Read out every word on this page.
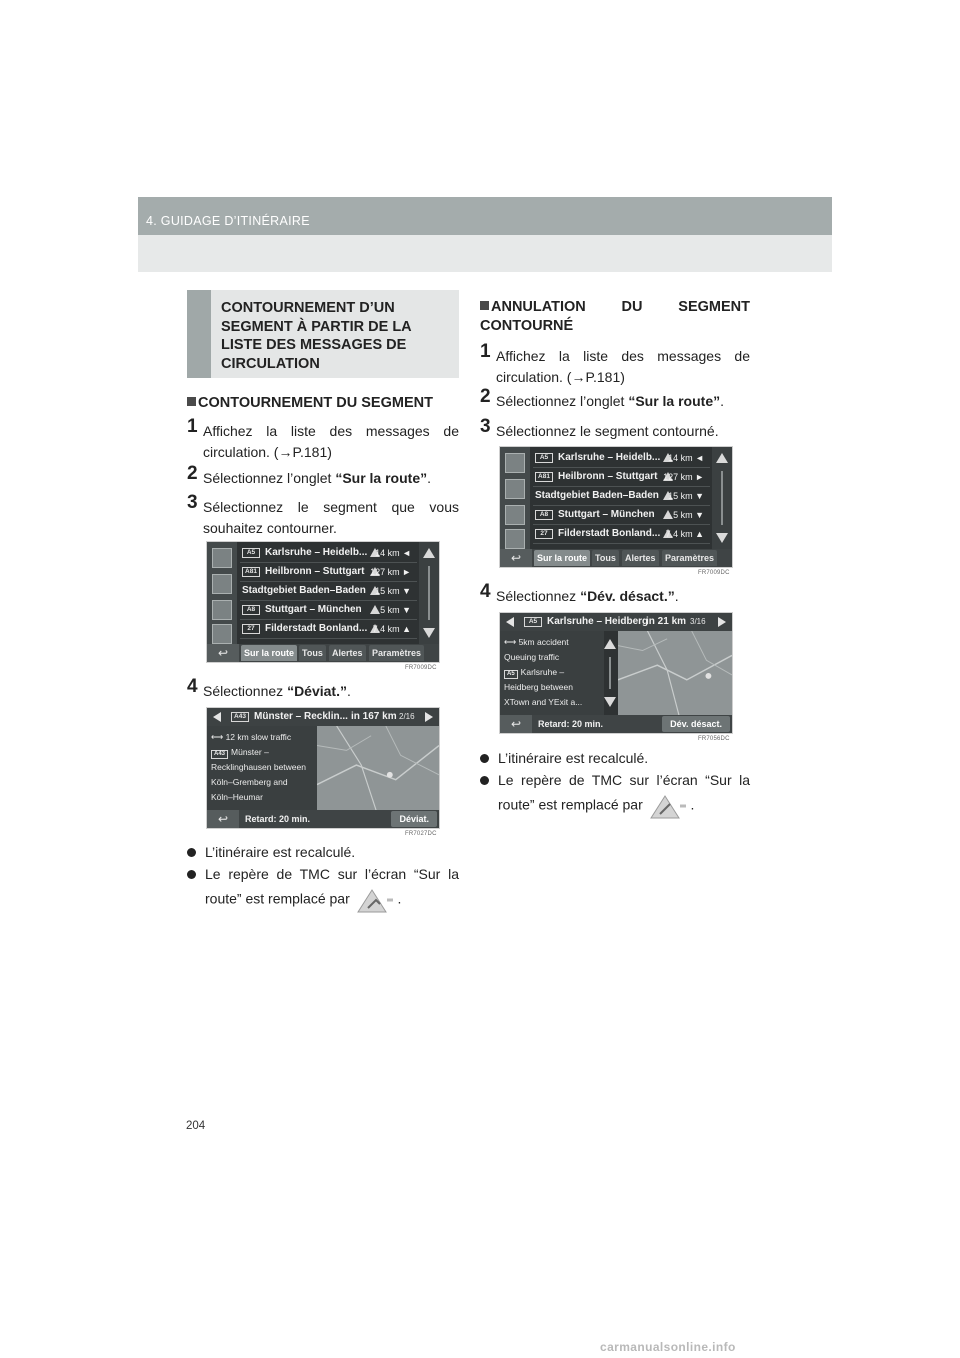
4. GUIDAGE D’ITINÉRAIRE
CONTOURNEMENT D’UN SEGMENT À PARTIR DE LA LISTE DES MESSAGES DE CIRCULATION
CONTOURNEMENT DU SEGMENT
1 Affichez la liste des messages de circulation. (→P.181)
2 Sélectionnez l’onglet “Sur la route”.
3 Sélectionnez le segment que vous souhaitez contourner.
A5 Karlsruhe – Heidelb... 14 km ◄
A81 Heilbronn – Stuttgart 127 km ►
Stadtgebiet Baden–Baden 15 km ▼
A8 Stuttgart – München 5 km ▼
27	Filderstadt Bonland... 7.4 km ▲
↩	Sur la route Tous	Alertes	Paramètres
FR7009DC
4 Sélectionnez “Déviat.”.
A43 Münster – Recklin... in 167 km 2/16
⟷ 12 km slow traffic
A43 Münster –
Recklinghausen between
Köln–Gremberg and
Köln–Heumar
↩	Retard: 20 min.	Déviat.
FR7027DC
L’itinéraire est recalculé.
Le repère de TMC sur l’écran “Sur la route” est remplacé par	.
ANNULATION DU SEGMENT CONTOURNÉ
1 Affichez la liste des messages de circulation. (→P.181)
2 Sélectionnez l’onglet “Sur la route”.
3 Sélectionnez le segment contourné.
A5 Karlsruhe – Heidelb... 14 km ◄
A81 Heilbronn – Stuttgart 127 km ►
Stadtgebiet Baden–Baden 15 km ▼
A8 Stuttgart – München 5 km ▼
27	Filderstadt Bonland... 7.4 km ▲
↩	Sur la route Tous	Alertes	Paramètres
FR7009DC
4 Sélectionnez “Dév. désact.”.
A5 Karlsruhe – Heidberg
in 21 km 3/16
⟷ 5km accident
Queuing traffic
A5 Karlsruhe –
Heidberg between
XTown and YExit a...
↩	Retard: 20 min.	Dév. désact.
FR7056DC
L’itinéraire est recalculé.
Le repère de TMC sur l’écran “Sur la route” est remplacé par	.
204
carmanualsonline.info
